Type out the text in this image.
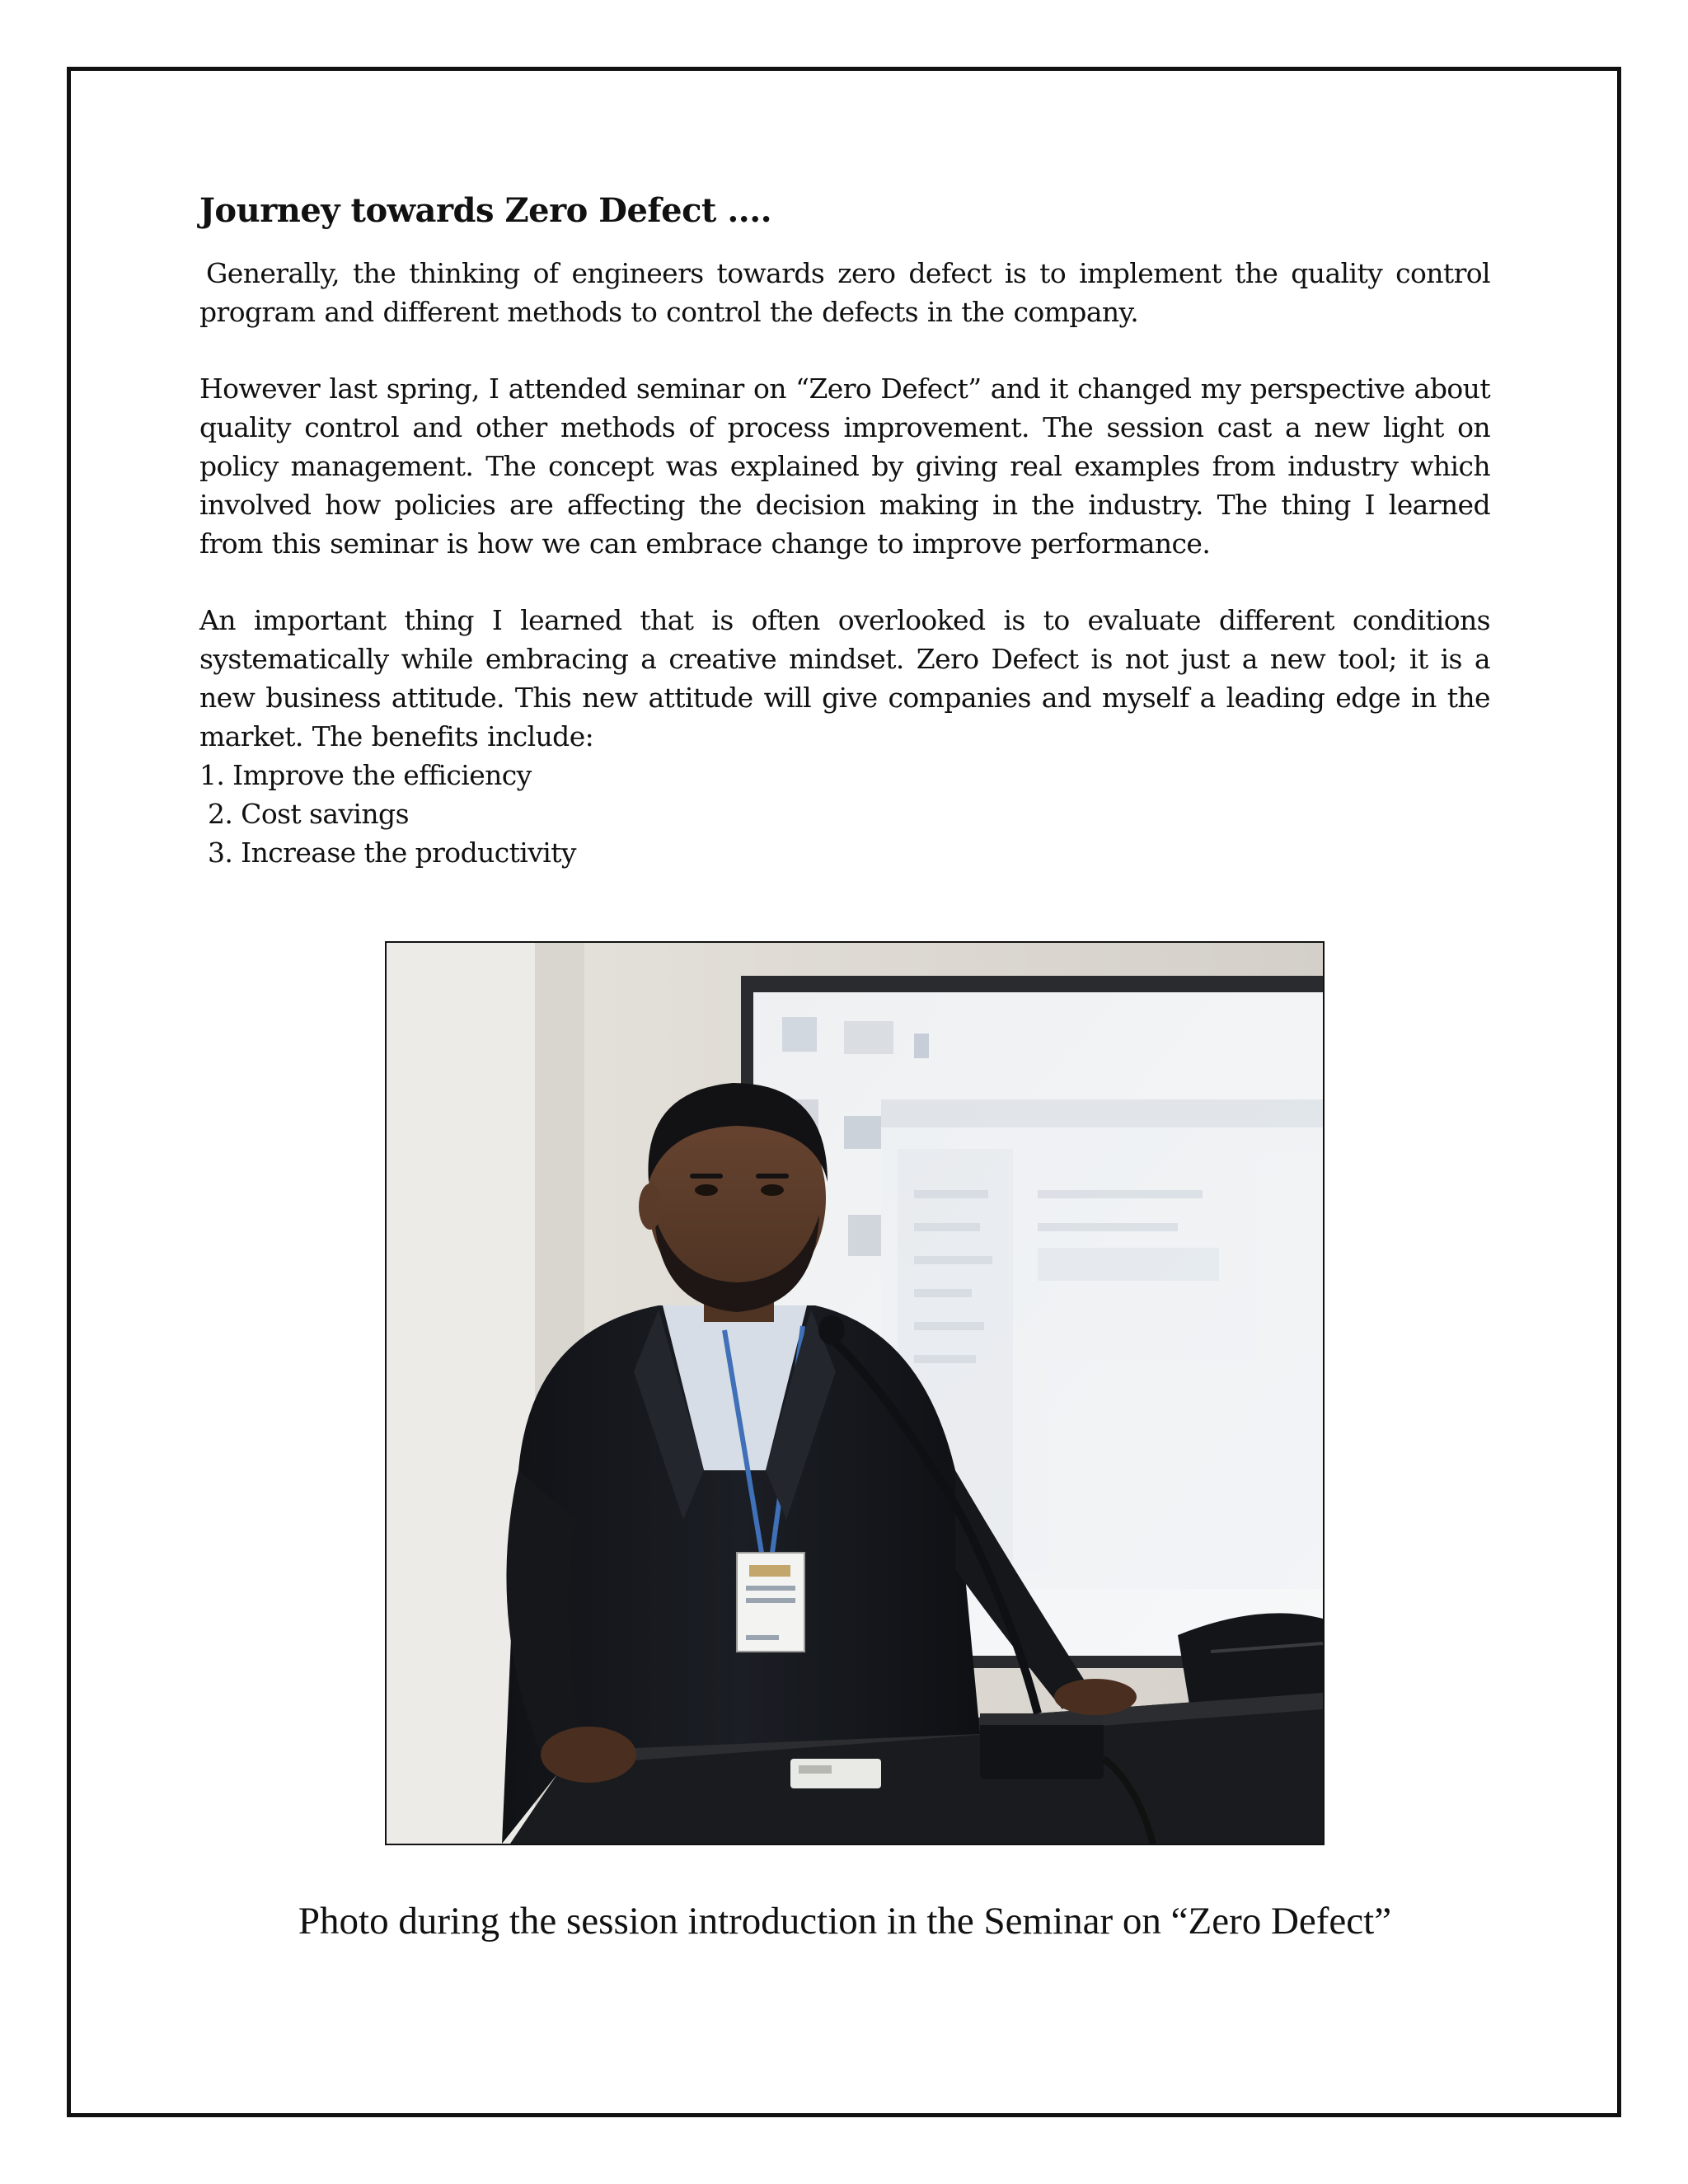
Journey towards Zero Defect ....

Generally, the thinking of engineers towards zero defect is to implement the quality control program and different methods to control the defects in the company.

However last spring, I attended seminar on “Zero Defect” and it changed my perspective about quality control and other methods of process improvement. The session cast a new light on policy management. The concept was explained by giving real examples from industry which involved how policies are affecting the decision making in the industry. The thing I learned from this seminar is how we can embrace change to improve performance.

An important thing I learned that is often overlooked is to evaluate different conditions systematically while embracing a creative mindset. Zero Defect is not just a new tool; it is a new business attitude. This new attitude will give companies and myself a leading edge in the market. The benefits include:

1. Improve the efficiency
2. Cost savings
3. Increase the productivity
Photo during the session introduction in the Seminar on “Zero Defect”
